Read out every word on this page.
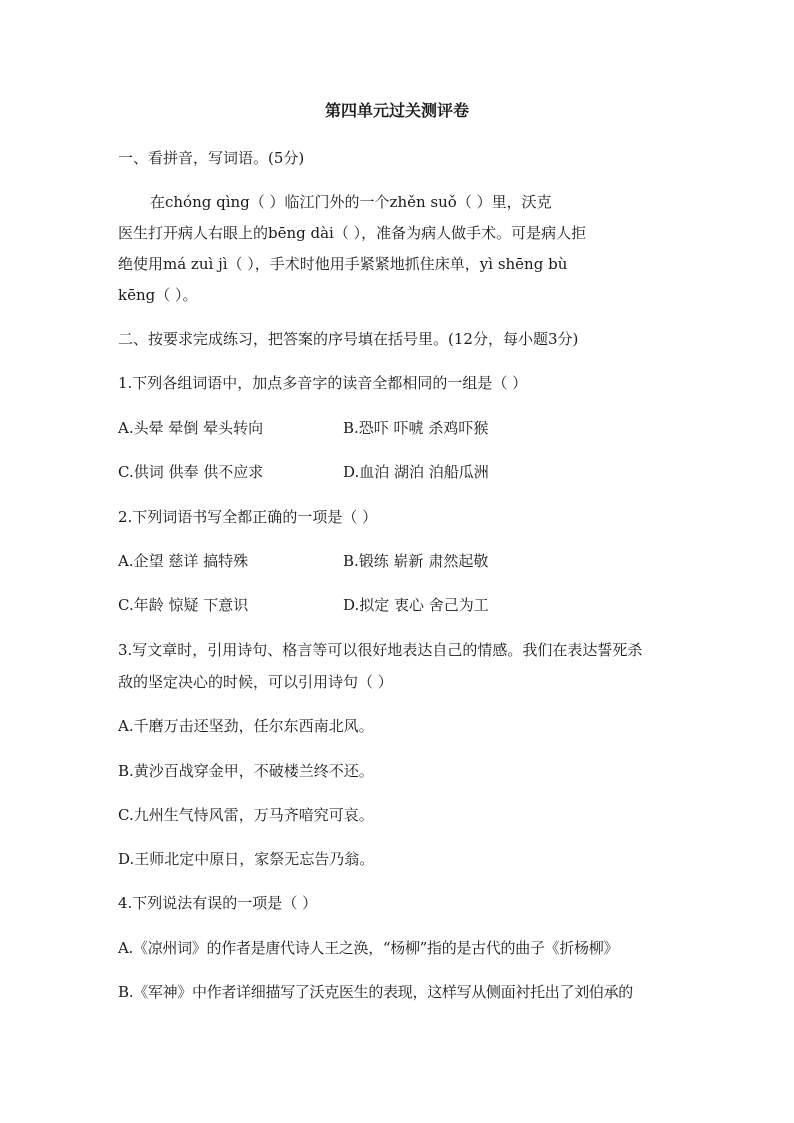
第四单元过关测评卷
一、看拼音，写词语。(5分)
在chóng qìng（ ）临江门外的一个zhěn suǒ（ ）里，沃克
医生打开病人右眼上的bēng dài（ ），准备为病人做手术。可是病人拒
绝使用má zuì jì（ ），手术时他用手紧紧地抓住床单，yì shēng bù
kēng（ ）。
二、按要求完成练习，把答案的序号填在括号里。(12分，每小题3分)
1.下列各组词语中，加点多音字的读音全都相同的一组是（ ）
A.头晕 晕倒 晕头转向	B.恐吓 吓唬 杀鸡吓猴
C.供词 供奉 供不应求	D.血泊 湖泊 泊船瓜洲
2.下列词语书写全都正确的一项是（ ）
A.企望 慈详 搞特殊	B.锻练 崭新 肃然起敬
C.年龄 惊疑 下意识	D.拟定 衷心 舍己为工
3.写文章时，引用诗句、格言等可以很好地表达自己的情感。我们在表达誓死杀
敌的坚定决心的时候，可以引用诗句（ ）
A.千磨万击还坚劲，任尔东西南北风。
B.黄沙百战穿金甲，不破楼兰终不还。
C.九州生气恃风雷，万马齐喑究可哀。
D.王师北定中原日，家祭无忘告乃翁。
4.下列说法有误的一项是（ ）
A.《凉州词》的作者是唐代诗人王之涣，“杨柳”指的是古代的曲子《折杨柳》
B.《军神》中作者详细描写了沃克医生的表现，这样写从侧面衬托出了刘伯承的
